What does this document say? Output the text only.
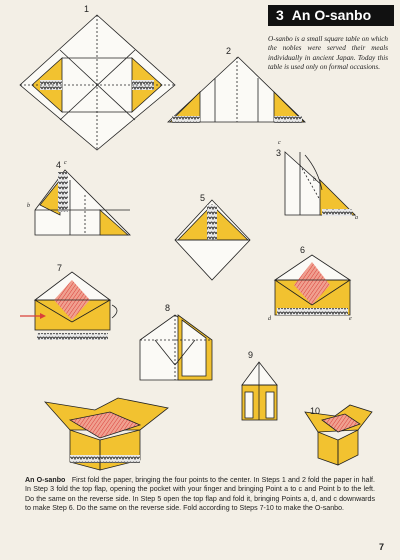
3 An O-sanbo
O-sanbo is a small square table on which the nobles were served their meals individually in ancient Japan. Today this table is used only on formal occasions.
1
2
3
4
5
6
7
8
9
10
c
b
a
c
b
d	e
An O-sanbo First fold the paper, bringing the four points to the center. In Steps 1 and 2 fold the paper in half. In Step 3 fold the top flap, opening the pocket with your finger and bringing Point a to c and Point b to the left. Do the same on the reverse side. In Step 5 open the top flap and fold it, bringing Points a, d, and c downwards to make Step 6. Do the same on the reverse side. Fold according to Steps 7-10 to make the O-sanbo.
7
